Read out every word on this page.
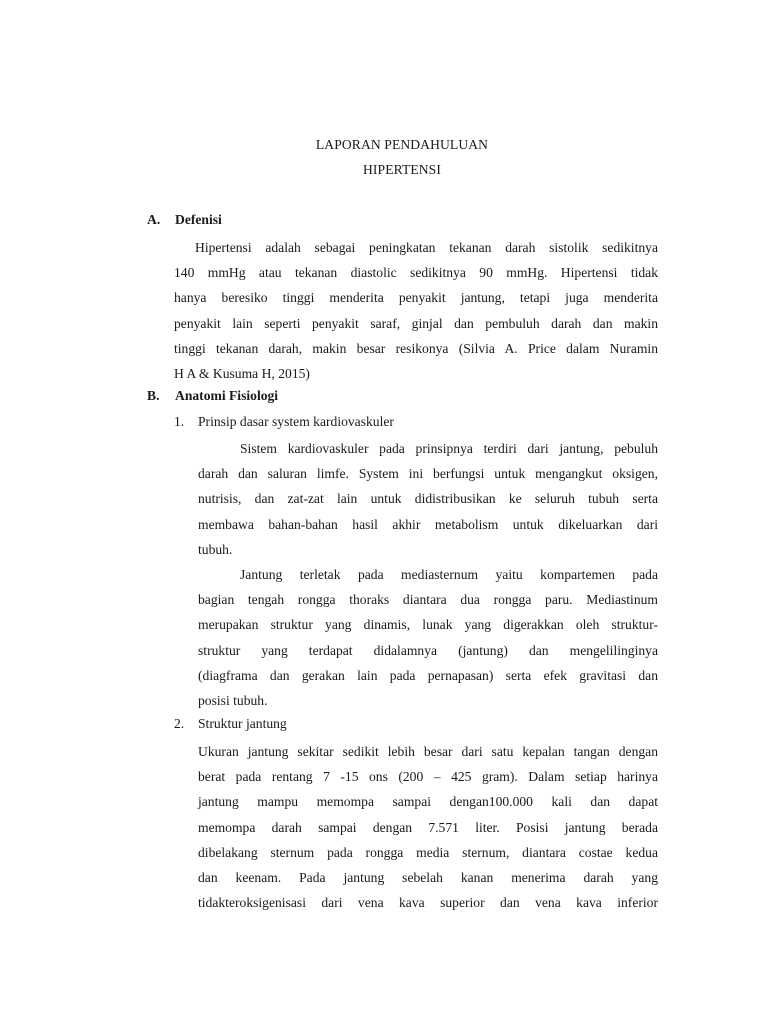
LAPORAN PENDAHULUAN
HIPERTENSI
A. Defenisi
Hipertensi adalah sebagai peningkatan tekanan darah sistolik sedikitnya
140 mmHg atau tekanan diastolic sedikitnya 90 mmHg. Hipertensi tidak
hanya beresiko tinggi menderita penyakit jantung, tetapi juga menderita
penyakit lain seperti penyakit saraf, ginjal dan pembuluh darah dan makin
tinggi tekanan darah, makin besar resikonya (Silvia A. Price dalam Nuramin
H A & Kusuma H, 2015)
B. Anatomi Fisiologi
1. Prinsip dasar system kardiovaskuler
Sistem kardiovaskuler pada prinsipnya terdiri dari jantung, pebuluh
darah dan saluran limfe. System ini berfungsi untuk mengangkut oksigen,
nutrisis, dan zat-zat lain untuk didistribusikan ke seluruh tubuh serta
membawa bahan-bahan hasil akhir metabolism untuk dikeluarkan dari
tubuh.
Jantung terletak pada mediasternum yaitu kompartemen pada
bagian tengah rongga thoraks diantara dua rongga paru. Mediastinum
merupakan struktur yang dinamis, lunak yang digerakkan oleh struktur-
struktur yang terdapat didalamnya (jantung) dan mengelilinginya
(diagframa dan gerakan lain pada pernapasan) serta efek gravitasi dan
posisi tubuh.
2. Struktur jantung
Ukuran jantung sekitar sedikit lebih besar dari satu kepalan tangan dengan
berat pada rentang 7 -15 ons (200 – 425 gram). Dalam setiap harinya
jantung mampu memompa sampai dengan100.000 kali dan dapat
memompa darah sampai dengan 7.571 liter. Posisi jantung berada
dibelakang sternum pada rongga media sternum, diantara costae kedua
dan keenam. Pada jantung sebelah kanan menerima darah yang
tidakteroksigenisasi dari vena kava superior dan vena kava inferior
